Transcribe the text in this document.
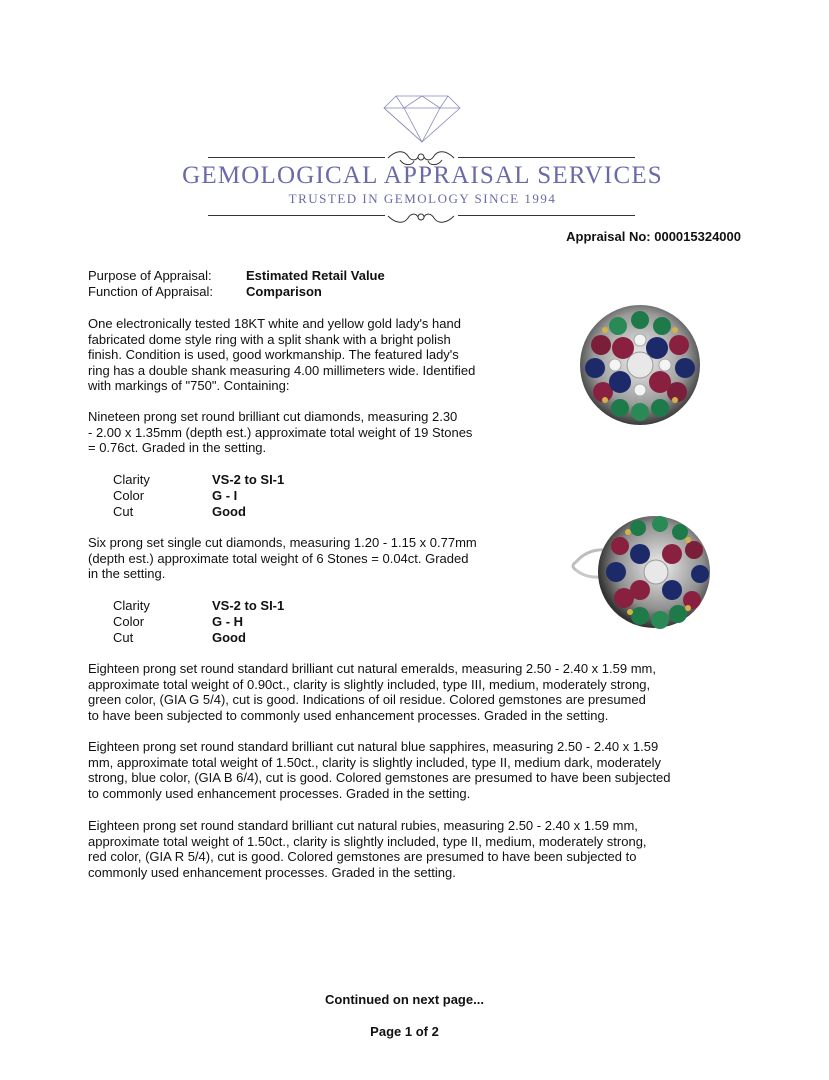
GEMOLOGICAL APPRAISAL SERVICES
TRUSTED IN GEMOLOGY SINCE 1994
Appraisal No: 000015324000
Purpose of Appraisal:	Estimated Retail Value
Function of Appraisal:	Comparison
One electronically tested 18KT white and yellow gold lady's hand
fabricated dome style ring with a split shank with a bright polish
finish. Condition is used, good workmanship. The featured lady's
ring has a double shank measuring 4.00 millimeters wide. Identified
with markings of "750". Containing:
Nineteen prong set round brilliant cut diamonds, measuring 2.30
- 2.00 x 1.35mm (depth est.) approximate total weight of 19 Stones
= 0.76ct. Graded in the setting.
Clarity	VS-2 to SI-1
Color	G - I
Cut	Good
Six prong set single cut diamonds, measuring 1.20 - 1.15 x 0.77mm
(depth est.) approximate total weight of 6 Stones = 0.04ct. Graded
in the setting.
Clarity	VS-2 to SI-1
Color	G - H
Cut	Good
Eighteen prong set round standard brilliant cut natural emeralds, measuring 2.50 - 2.40 x 1.59 mm,
approximate total weight of 0.90ct., clarity is slightly included, type III, medium, moderately strong,
green color, (GIA G 5/4), cut is good. Indications of oil residue. Colored gemstones are presumed
to have been subjected to commonly used enhancement processes. Graded in the setting.
Eighteen prong set round standard brilliant cut natural blue sapphires, measuring 2.50 - 2.40 x 1.59
mm, approximate total weight of 1.50ct., clarity is slightly included, type II, medium dark, moderately
strong, blue color, (GIA B 6/4), cut is good. Colored gemstones are presumed to have been subjected
to commonly used enhancement processes. Graded in the setting.
Eighteen prong set round standard brilliant cut natural rubies, measuring 2.50 - 2.40 x 1.59 mm,
approximate total weight of 1.50ct., clarity is slightly included, type II, medium, moderately strong,
red color, (GIA R 5/4), cut is good. Colored gemstones are presumed to have been subjected to
commonly used enhancement processes. Graded in the setting.
Continued on next page...
Page 1 of 2
